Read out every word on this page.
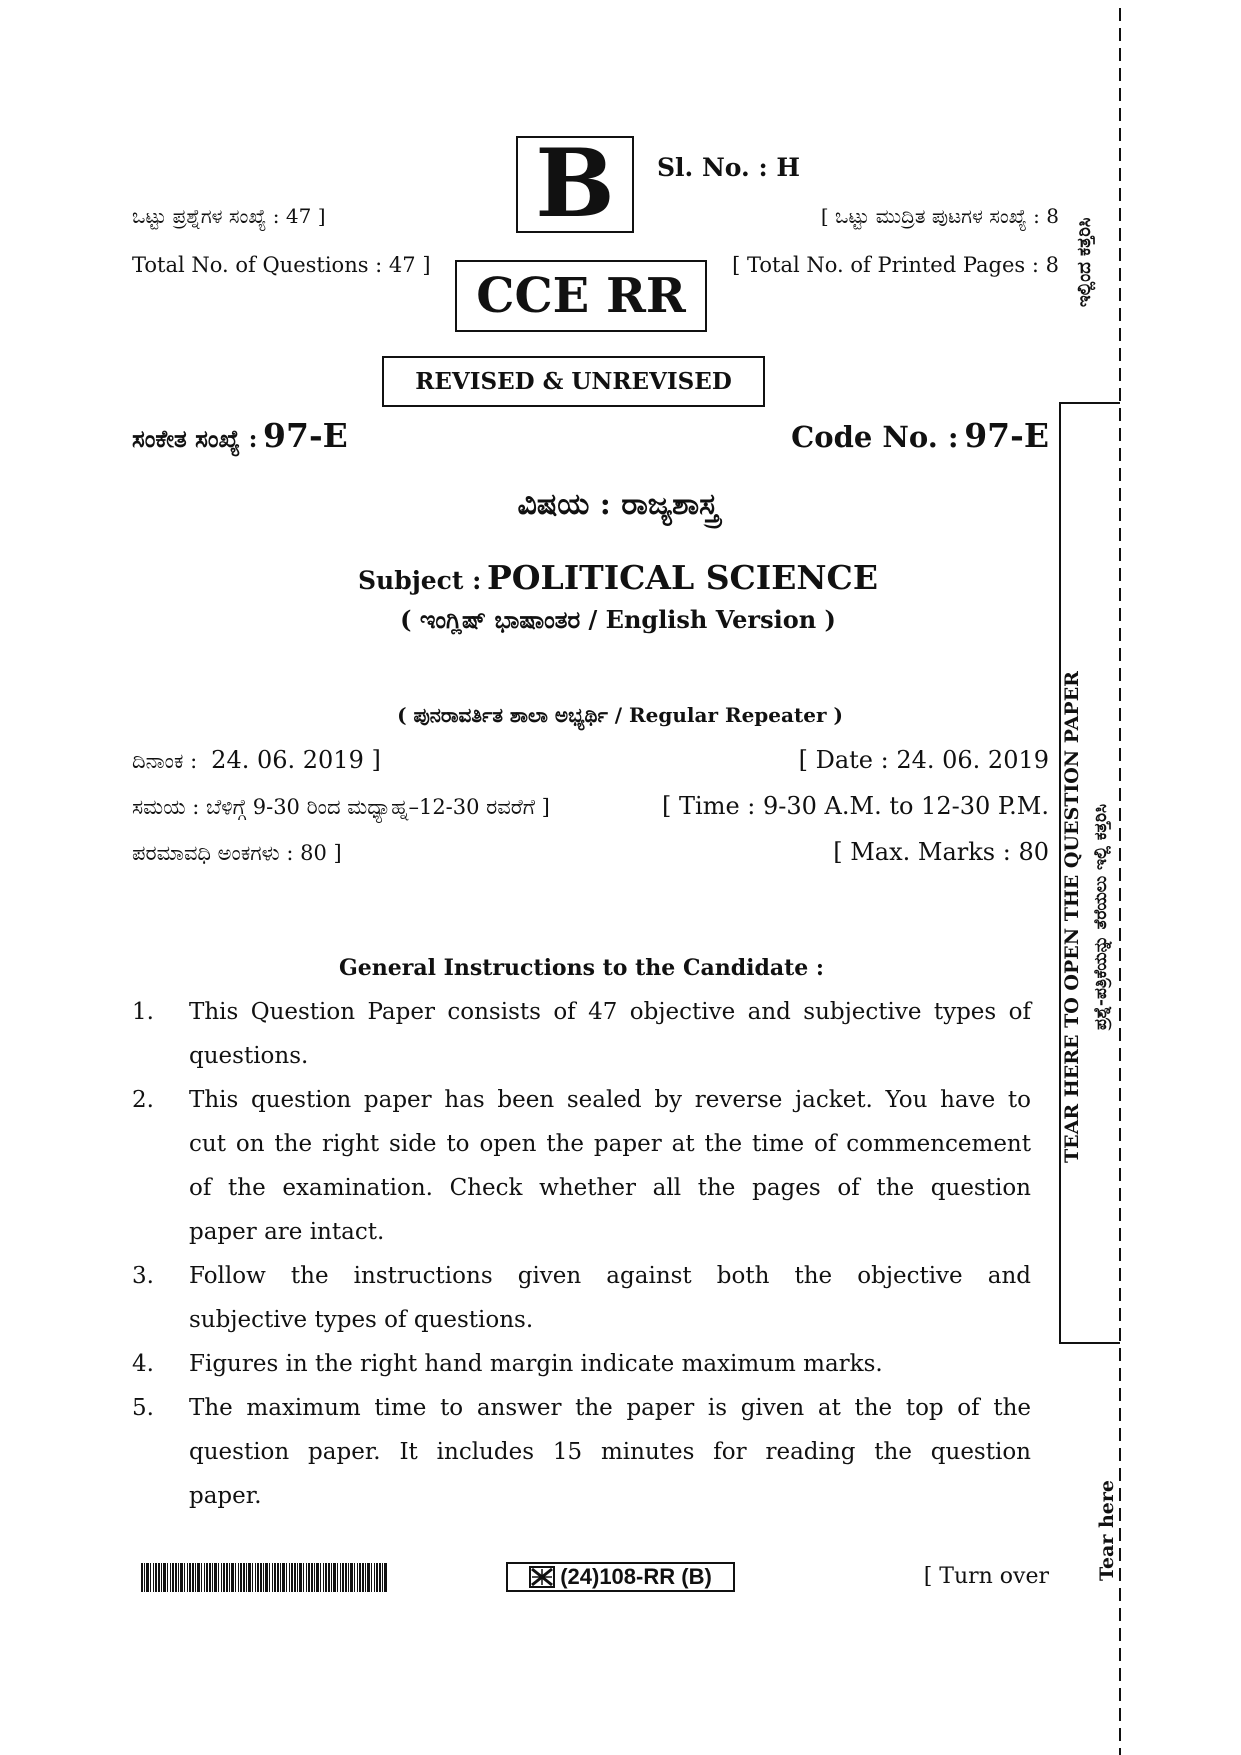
B	Sl. No. : H
ಒಟ್ಟು ಪ್ರಶ್ನೆಗಳ ಸಂಖ್ಯೆ : 47 ]	[ ಒಟ್ಟು ಮುದ್ರಿತ ಪುಟಗಳ ಸಂಖ್ಯೆ : 8
Total No. of Questions : 47 ]
CCE RR
[ Total No. of Printed Pages : 8
REVISED & UNREVISED
ಸಂಕೇತ ಸಂಖ್ಯೆ : 97-E	Code No. : 97-E
ವಿಷಯ : ರಾಜ್ಯಶಾಸ್ತ್ರ
Subject : POLITICAL SCIENCE
( ಇಂಗ್ಲಿಷ್ ಭಾಷಾಂತರ / English Version )
( ಪುನರಾವರ್ತಿತ ಶಾಲಾ ಅಭ್ಯರ್ಥಿ / Regular Repeater )
ದಿನಾಂಕ : 24. 06. 2019 ]	[ Date : 24. 06. 2019
ಸಮಯ : ಬೆಳಿಗ್ಗೆ 9-30 ರಿಂದ ಮಧ್ಯಾಹ್ನ–12-30 ರವರೆಗೆ ]	[ Time : 9-30 A.M. to 12-30 P.M.
ಪರಮಾವಧಿ ಅಂಕಗಳು : 80 ]	[ Max. Marks : 80
General Instructions to the Candidate :
1. This Question Paper consists of 47 objective and subjective types of
questions.
2. This question paper has been sealed by reverse jacket. You have to
cut on the right side to open the paper at the time of commencement
of the examination. Check whether all the pages of the question
paper are intact.
3. Follow the instructions given against both the objective and
subjective types of questions.
4. Figures in the right hand margin indicate maximum marks.
5. The maximum time to answer the paper is given at the top of the
question paper. It includes 15 minutes for reading the question
paper.
(24)108-RR (B)	[ Turn over
ಇಲ್ಲಿಂದ ಕತ್ತರಿಸಿ
TEAR HERE TO OPEN THE QUESTION PAPER ಪ್ರಶ್ನೆ-ಪತ್ರಿಕೆಯನ್ನು ತೆರೆಯಲು ಇಲ್ಲಿ ಕತ್ತರಿಸಿ
Tear here
